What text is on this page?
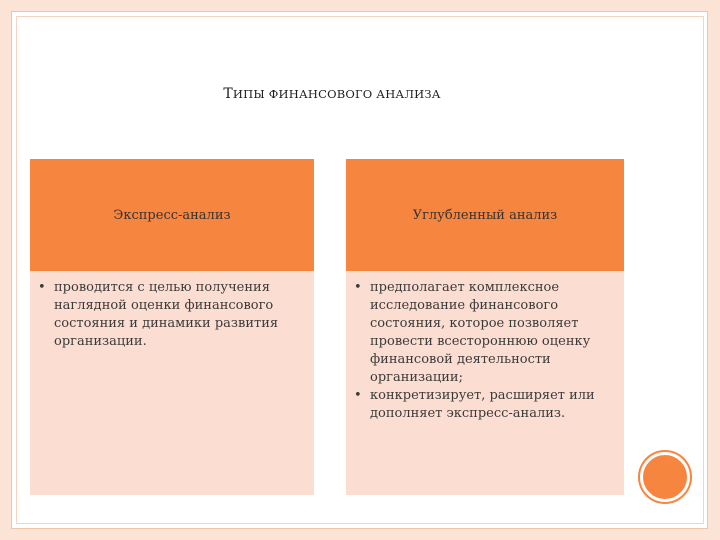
ТИПЫ ФИНАНСОВОГО АНАЛИЗА
Экспресс-анализ
• проводится с целью получения наглядной оценки финансового состояния и динамики развития организации.
Углубленный анализ
• предполагает комплексное исследование финансового состояния, которое позволяет провести всестороннюю оценку финансовой деятельности организации;
• конкретизирует, расширяет или дополняет экспресс-анализ.
